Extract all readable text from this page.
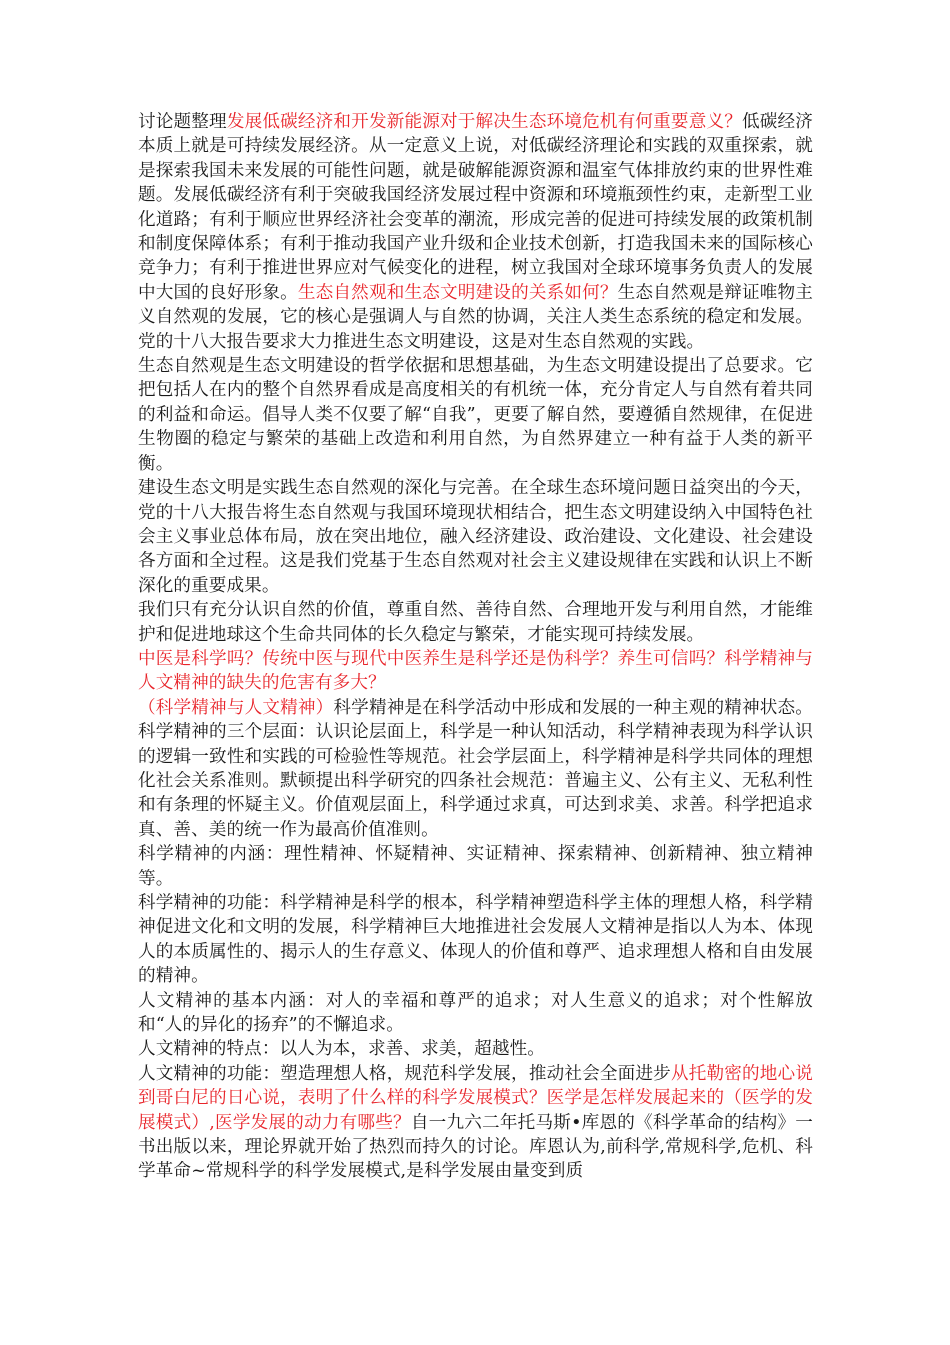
讨论题整理发展低碳经济和开发新能源对于解决生态环境危机有何重要意义？低碳经济本质上就是可持续发展经济。从一定意义上说，对低碳经济理论和实践的双重探索，就是探索我国未来发展的可能性问题，就是破解能源资源和温室气体排放约束的世界性难题。发展低碳经济有利于突破我国经济发展过程中资源和环境瓶颈性约束，走新型工业化道路；有利于顺应世界经济社会变革的潮流，形成完善的促进可持续发展的政策机制和制度保障体系；有利于推动我国产业升级和企业技术创新，打造我国未来的国际核心竞争力；有利于推进世界应对气候变化的进程，树立我国对全球环境事务负责人的发展中大国的良好形象。生态自然观和生态文明建设的关系如何？生态自然观是辩证唯物主义自然观的发展，它的核心是强调人与自然的协调，关注人类生态系统的稳定和发展。党的十八大报告要求大力推进生态文明建设，这是对生态自然观的实践。

生态自然观是生态文明建设的哲学依据和思想基础，为生态文明建设提出了总要求。它把包括人在内的整个自然界看成是高度相关的有机统一体，充分肯定人与自然有着共同的利益和命运。倡导人类不仅要了解“自我”，更要了解自然，要遵循自然规律，在促进生物圈的稳定与繁荣的基础上改造和利用自然，为自然界建立一种有益于人类的新平衡。

建设生态文明是实践生态自然观的深化与完善。在全球生态环境问题日益突出的今天，党的十八大报告将生态自然观与我国环境现状相结合，把生态文明建设纳入中国特色社会主义事业总体布局，放在突出地位，融入经济建设、政治建设、文化建设、社会建设各方面和全过程。这是我们党基于生态自然观对社会主义建设规律在实践和认识上不断深化的重要成果。

我们只有充分认识自然的价值，尊重自然、善待自然、合理地开发与利用自然，才能维护和促进地球这个生命共同体的长久稳定与繁荣，才能实现可持续发展。

中医是科学吗？传统中医与现代中医养生是科学还是伪科学？养生可信吗？科学精神与人文精神的缺失的危害有多大？

（科学精神与人文精神）科学精神是在科学活动中形成和发展的一种主观的精神状态。科学精神的三个层面：认识论层面上，科学是一种认知活动，科学精神表现为科学认识的逻辑一致性和实践的可检验性等规范。社会学层面上，科学精神是科学共同体的理想化社会关系准则。默顿提出科学研究的四条社会规范：普遍主义、公有主义、无私利性和有条理的怀疑主义。价值观层面上，科学通过求真，可达到求美、求善。科学把追求真、善、美的统一作为最高价值准则。

科学精神的内涵：理性精神、怀疑精神、实证精神、探索精神、创新精神、独立精神等。

科学精神的功能：科学精神是科学的根本，科学精神塑造科学主体的理想人格，科学精神促进文化和文明的发展，科学精神巨大地推进社会发展人文精神是指以人为本、体现人的本质属性的、揭示人的生存意义、体现人的价值和尊严、追求理想人格和自由发展的精神。

人文精神的基本内涵：对人的幸福和尊严的追求；对人生意义的追求；对个性解放和“人的异化的扬弃”的不懈追求。

人文精神的特点：以人为本，求善、求美，超越性。

人文精神的功能：塑造理想人格，规范科学发展，推动社会全面进步从托勒密的地心说到哥白尼的日心说，表明了什么样的科学发展模式？医学是怎样发展起来的（医学的发展模式）,医学发展的动力有哪些？自一九六二年托马斯•库恩的《科学革命的结构》一书出版以来，理论界就开始了热烈而持久的讨论。库恩认为,前科学,常规科学,危机、科学革命~常规科学的科学发展模式,是科学发展由量变到质
